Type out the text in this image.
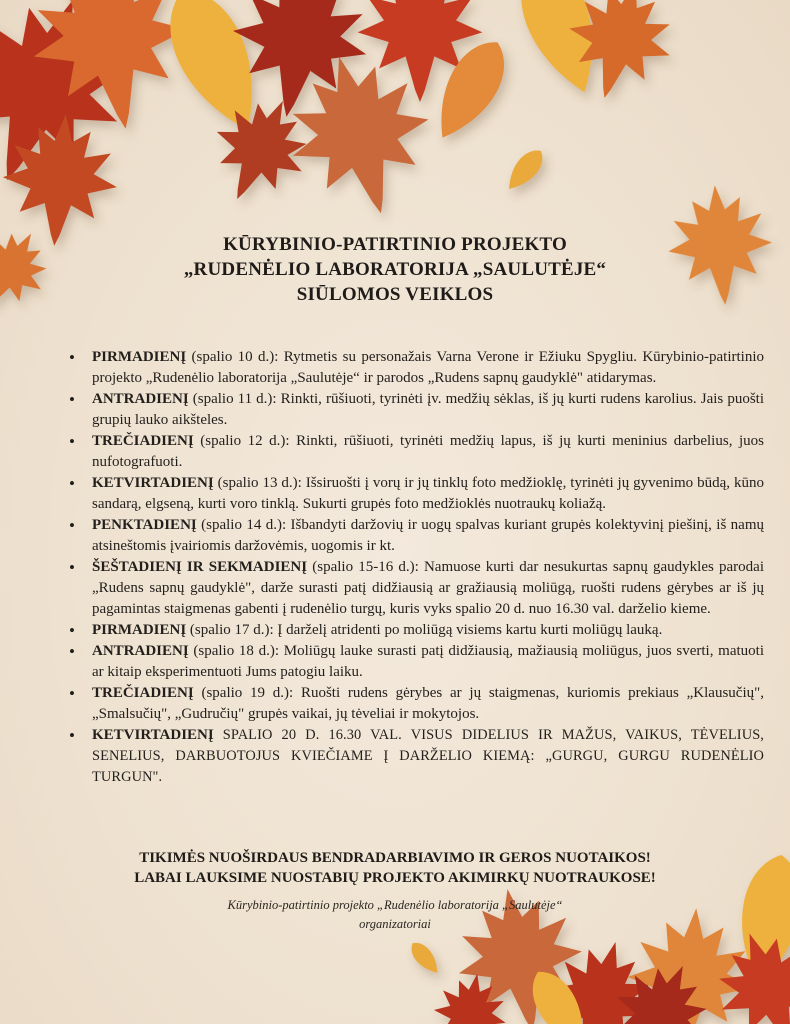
KŪRYBINIO-PATIRTINIO PROJEKTO
„RUDENĖLIO LABORATORIJA „SAULUTĖJE“
SIŪLOMOS VEIKLOS
• PIRMADIENĮ (spalio 10 d.): Rytmetis su personažais Varna Verone ir Ežiuku Spygliu. Kūrybinio-patirtinio projekto „Rudenėlio laboratorija „Saulutėje“ ir parodos „Rudens sapnų gaudyklė" atidarymas.
• ANTRADIENĮ (spalio 11 d.): Rinkti, rūšiuoti, tyrinėti įv. medžių sėklas, iš jų kurti rudens karolius. Jais puošti grupių lauko aikšteles.
• TREČIADIENĮ (spalio 12 d.): Rinkti, rūšiuoti, tyrinėti medžių lapus, iš jų kurti meninius darbelius, juos nufotografuoti.
• KETVIRTADIENĮ (spalio 13 d.): Išsiruošti į vorų ir jų tinklų foto medžioklę, tyrinėti jų gyvenimo būdą, kūno sandarą, elgseną, kurti voro tinklą. Sukurti grupės foto medžioklės nuotraukų koliažą.
• PENKTADIENĮ (spalio 14 d.): Išbandyti daržovių ir uogų spalvas kuriant grupės kolektyvinį piešinį, iš namų atsineštomis įvairiomis daržovėmis, uogomis ir kt.
• ŠEŠTADIENĮ IR SEKMADIENĮ (spalio 15-16 d.): Namuose kurti dar nesukurtas sapnų gaudykles parodai „Rudens sapnų gaudyklė", darže surasti patį didžiausią ar gražiausią moliūgą, ruošti rudens gėrybes ar iš jų pagamintas staigmenas gabenti į rudenėlio turgų, kuris vyks spalio 20 d. nuo 16.30 val. darželio kieme.
• PIRMADIENĮ (spalio 17 d.): Į darželį atridenti po moliūgą visiems kartu kurti moliūgų lauką.
• ANTRADIENĮ (spalio 18 d.): Moliūgų lauke surasti patį didžiausią, mažiausią moliūgus, juos sverti, matuoti ar kitaip eksperimentuoti Jums patogiu laiku.
• TREČIADIENĮ (spalio 19 d.): Ruošti rudens gėrybes ar jų staigmenas, kuriomis prekiaus „Klausučių", „Smalsučių", „Gudručių" grupės vaikai, jų tėveliai ir mokytojos.
• KETVIRTADIENĮ SPALIO 20 D. 16.30 VAL. VISUS DIDELIUS IR MAŽUS, VAIKUS, TĖVELIUS, SENELIUS, DARBUOTOJUS KVIEČIAME Į DARŽELIO KIEMĄ: „GURGU, GURGU RUDENĖLIO TURGUN".
TIKIMĖS NUOŠIRDAUS BENDRADARBIAVIMO IR GEROS NUOTAIKOS!
LABAI LAUKSIME NUOSTABIŲ PROJEKTO AKIMIRKŲ NUOTRAUKOSE!
Kūrybinio-patirtinio projekto „Rudenėlio laboratorija „Saulutėje“
organizatoriai
